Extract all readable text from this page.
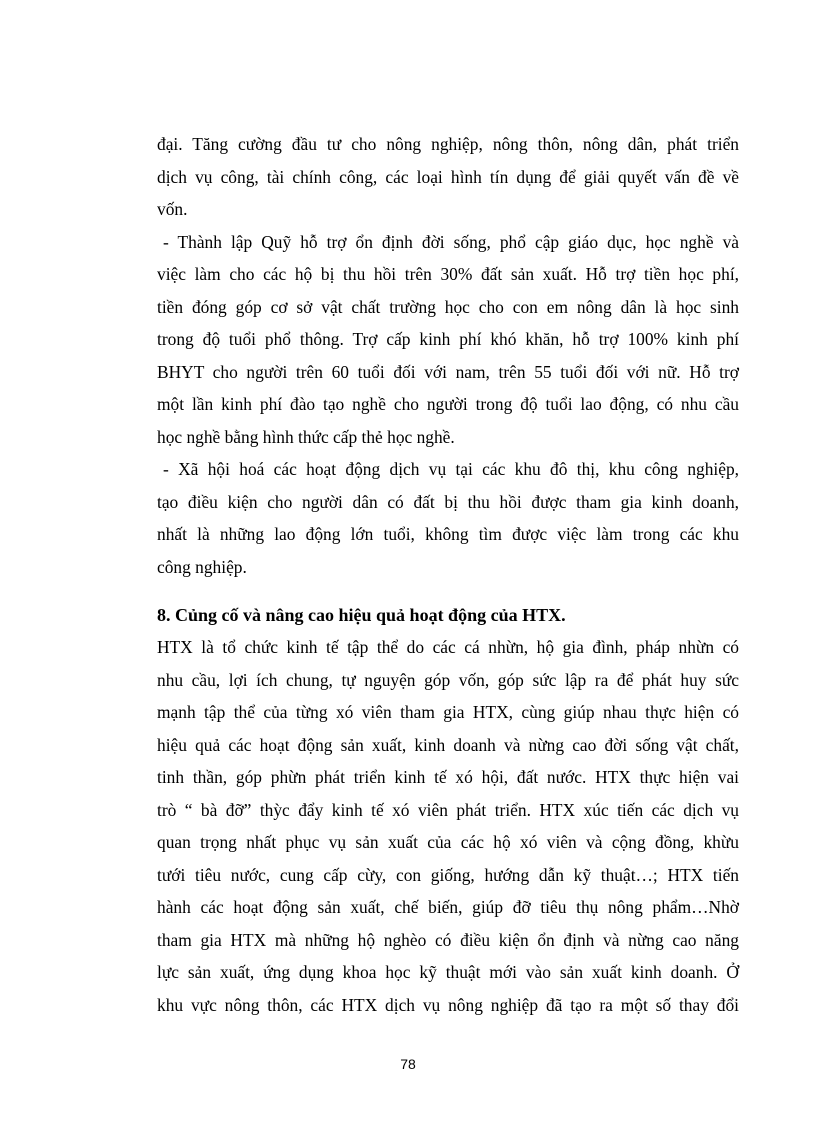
đại. Tăng cường đầu tư cho nông nghiệp, nông thôn, nông dân, phát triển
dịch vụ công, tài chính công, các loại hình tín dụng để giải quyết vấn đề về
vốn.
- Thành lập Quỹ hỗ trợ ổn định đời sống, phổ cập giáo dục, học nghề và
việc làm cho các hộ bị thu hồi trên 30% đất sản xuất. Hỗ trợ tiền học phí,
tiền đóng góp cơ sở vật chất trường học cho con em nông dân là học sinh
trong độ tuổi phổ thông. Trợ cấp kinh phí khó khăn, hỗ trợ 100% kinh phí
BHYT cho người trên 60 tuổi đối với nam, trên 55 tuổi đối với nữ. Hỗ trợ
một lần kinh phí đào tạo nghề cho người trong độ tuổi lao động, có nhu cầu
học nghề bằng hình thức cấp thẻ học nghề.
- Xã hội hoá các hoạt động dịch vụ tại các khu đô thị, khu công nghiệp,
tạo điều kiện cho người dân có đất bị thu hồi được tham gia kinh doanh,
nhất là những lao động lớn tuổi, không tìm được việc làm trong các khu
công nghiệp.
8. Củng cố và nâng cao hiệu quả hoạt động của HTX.
HTX là tổ chức kinh tế tập thể do các cá nhừn, hộ gia đình, pháp nhừn có
nhu cầu, lợi ích chung, tự nguyện góp vốn, góp sức lập ra để phát huy sức
mạnh tập thể của từng xó viên tham gia HTX, cùng giúp nhau thực hiện có
hiệu quả các hoạt động sản xuất, kinh doanh và nừng cao đời sống vật chất,
tinh thần, góp phừn phát triển kinh tế xó hội, đất nước. HTX thực hiện vai
trò “ bà đỡ” thỳc đẩy kinh tế xó viên phát triển. HTX xúc tiến các dịch vụ
quan trọng nhất phục vụ sản xuất của các hộ xó viên và cộng đồng, khừu
tưới tiêu nước, cung cấp cừy, con giống, hướng dẫn kỹ thuật…; HTX tiến
hành các hoạt động sản xuất, chế biến, giúp đỡ tiêu thụ nông phẩm…Nhờ
tham gia HTX mà những hộ nghèo có điều kiện ổn định và nừng cao năng
lực sản xuất, ứng dụng khoa học kỹ thuật mới vào sản xuất kinh doanh. Ở
khu vực nông thôn, các HTX dịch vụ nông nghiệp đã tạo ra một số thay đổi
78
